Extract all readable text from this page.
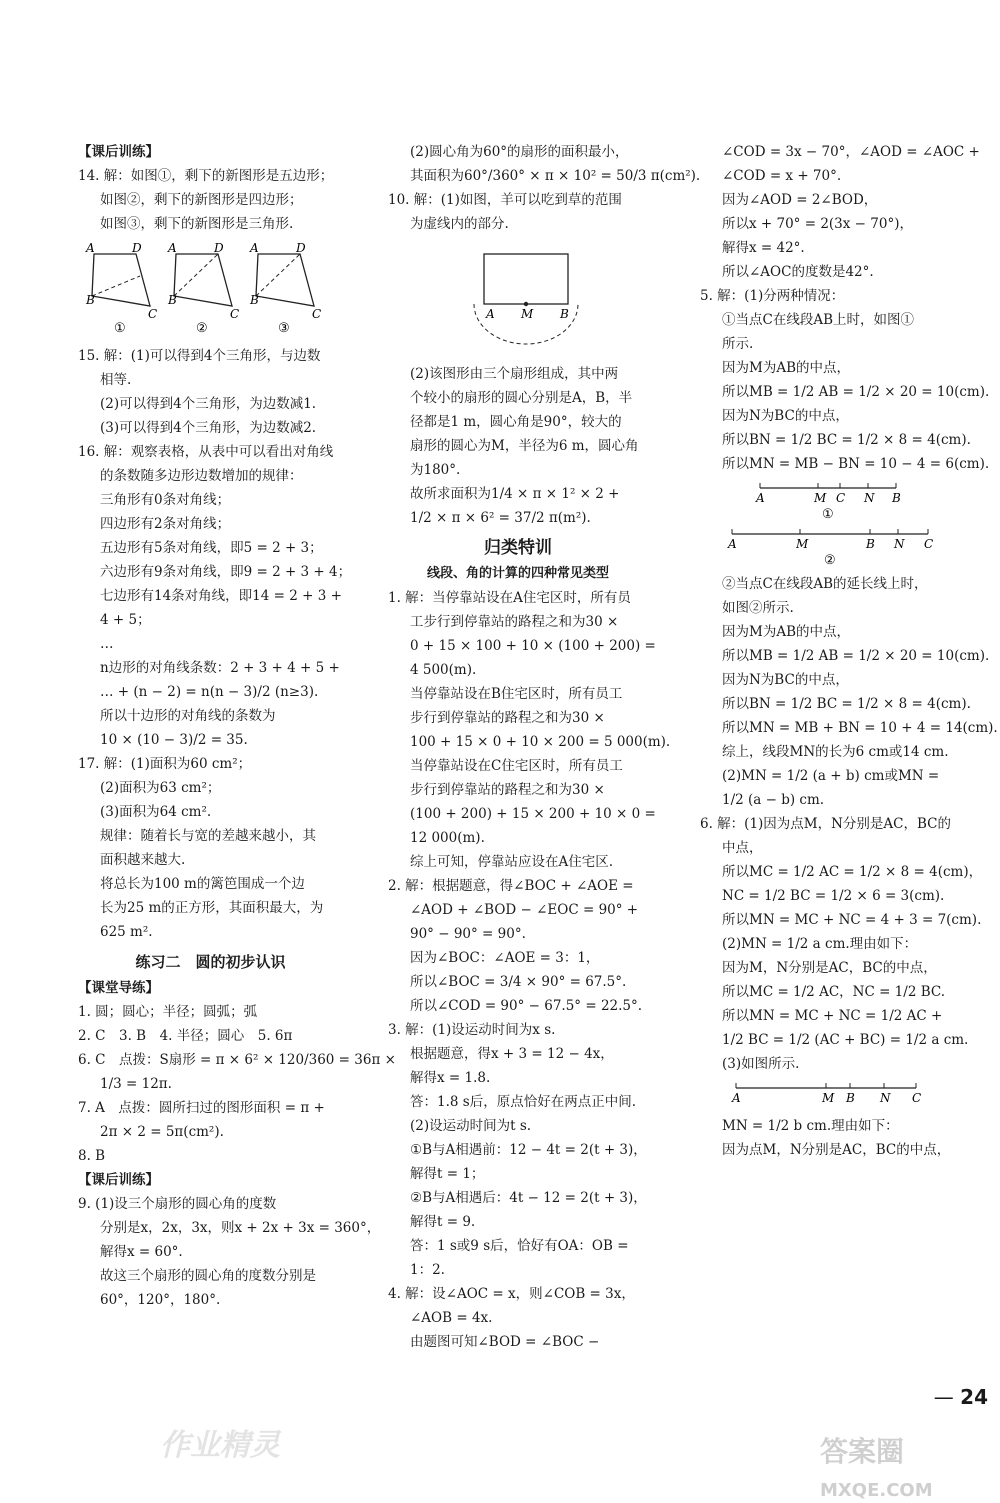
【课后训练】
14. 解：如图①，剩下的新图形是五边形；
如图②，剩下的新图形是四边形；
如图③，剩下的新图形是三角形.
A	D
B
C
①
A	D
B
C
②
A	D
B
C
③
15. 解：(1)可以得到4个三角形，与边数
相等.
(2)可以得到4个三角形，为边数减1.
(3)可以得到4个三角形，为边数减2.
16. 解：观察表格，从表中可以看出对角线
的条数随多边形边数增加的规律：
三角形有0条对角线；
四边形有2条对角线；
五边形有5条对角线，即5 = 2 + 3；
六边形有9条对角线，即9 = 2 + 3 + 4；
七边形有14条对角线，即14 = 2 + 3 +
4 + 5；
…
n边形的对角线条数：2 + 3 + 4 + 5 +
… + (n − 2) = n(n − 3)/2 (n≥3).
所以十边形的对角线的条数为
10 × (10 − 3)/2 = 35.
17. 解：(1)面积为60 cm²；
(2)面积为63 cm²；
(3)面积为64 cm².
规律：随着长与宽的差越来越小，其
面积越来越大.
将总长为100 m的篱笆围成一个边
长为25 m的正方形，其面积最大，为
625 m².
练习二　圆的初步认识
【课堂导练】
1. 圆；圆心；半径；圆弧；弧
2. C　3. B　4. 半径；圆心　5. 6π
6. C　点拨：S扇形 = π × 6² × 120/360 = 36π ×
1/3 = 12π.
7. A　点拨：圆所扫过的图形面积 = π +
2π × 2 = 5π(cm²).
8. B
【课后训练】
9. (1)设三个扇形的圆心角的度数
分别是x，2x，3x，则x + 2x + 3x = 360°，
解得x = 60°.
故这三个扇形的圆心角的度数分别是
60°，120°，180°.
(2)圆心角为60°的扇形的面积最小，
其面积为60°/360° × π × 10² = 50/3 π(cm²).
10. 解：(1)如图，羊可以吃到草的范围
为虚线内的部分.
A M B
(2)该图形由三个扇形组成，其中两
个较小的扇形的圆心分别是A，B，半
径都是1 m，圆心角是90°，较大的
扇形的圆心为M，半径为6 m，圆心角
为180°.
故所求面积为1/4 × π × 1² × 2 +
1/2 × π × 6² = 37/2 π(m²).
归类特训
线段、角的计算的四种常见类型
1. 解：当停靠站设在A住宅区时，所有员
工步行到停靠站的路程之和为30 ×
0 + 15 × 100 + 10 × (100 + 200) =
4 500(m).
当停靠站设在B住宅区时，所有员工
步行到停靠站的路程之和为30 ×
100 + 15 × 0 + 10 × 200 = 5 000(m).
当停靠站设在C住宅区时，所有员工
步行到停靠站的路程之和为30 ×
(100 + 200) + 15 × 200 + 10 × 0 =
12 000(m).
综上可知，停靠站应设在A住宅区.
2. 解：根据题意，得∠BOC + ∠AOE =
∠AOD + ∠BOD − ∠EOC = 90° +
90° − 90° = 90°.
因为∠BOC：∠AOE = 3：1，
所以∠BOC = 3/4 × 90° = 67.5°.
所以∠COD = 90° − 67.5° = 22.5°.
3. 解：(1)设运动时间为x s.
根据题意，得x + 3 = 12 − 4x，
解得x = 1.8.
答：1.8 s后，原点恰好在两点正中间.
(2)设运动时间为t s.
①B与A相遇前：12 − 4t = 2(t + 3)，
解得t = 1；
②B与A相遇后：4t − 12 = 2(t + 3)，
解得t = 9.
答：1 s或9 s后，恰好有OA：OB =
1：2.
4. 解：设∠AOC = x，则∠COB = 3x，
∠AOB = 4x.
由题图可知∠BOD = ∠BOC −
∠COD = 3x − 70°，∠AOD = ∠AOC +
∠COD = x + 70°.
因为∠AOD = 2∠BOD，
所以x + 70° = 2(3x − 70°)，
解得x = 42°.
所以∠AOC的度数是42°.
5. 解：(1)分两种情况：
①当点C在线段AB上时，如图①
所示.
因为M为AB的中点，
所以MB = 1/2 AB = 1/2 × 20 = 10(cm).
因为N为BC的中点，
所以BN = 1/2 BC = 1/2 × 8 = 4(cm).
所以MN = MB − BN = 10 − 4 = 6(cm).
A	M C N B
①
A	M	B N C
②
②当点C在线段AB的延长线上时，
如图②所示.
因为M为AB的中点，
所以MB = 1/2 AB = 1/2 × 20 = 10(cm).
因为N为BC的中点，
所以BN = 1/2 BC = 1/2 × 8 = 4(cm).
所以MN = MB + BN = 10 + 4 = 14(cm).
综上，线段MN的长为6 cm或14 cm.
(2)MN = 1/2 (a + b) cm或MN =
1/2 (a − b) cm.
6. 解：(1)因为点M，N分别是AC，BC的
中点，
所以MC = 1/2 AC = 1/2 × 8 = 4(cm)，
NC = 1/2 BC = 1/2 × 6 = 3(cm).
所以MN = MC + NC = 4 + 3 = 7(cm).
(2)MN = 1/2 a cm.理由如下：
因为M，N分别是AC，BC的中点，
所以MC = 1/2 AC，NC = 1/2 BC.
所以MN = MC + NC = 1/2 AC +
1/2 BC = 1/2 (AC + BC) = 1/2 a cm.
(3)如图所示.
A	M B N C
MN = 1/2 b cm.理由如下：
因为点M，N分别是AC，BC的中点，
— 24
作业精灵	答案圈
MXQE.COM
